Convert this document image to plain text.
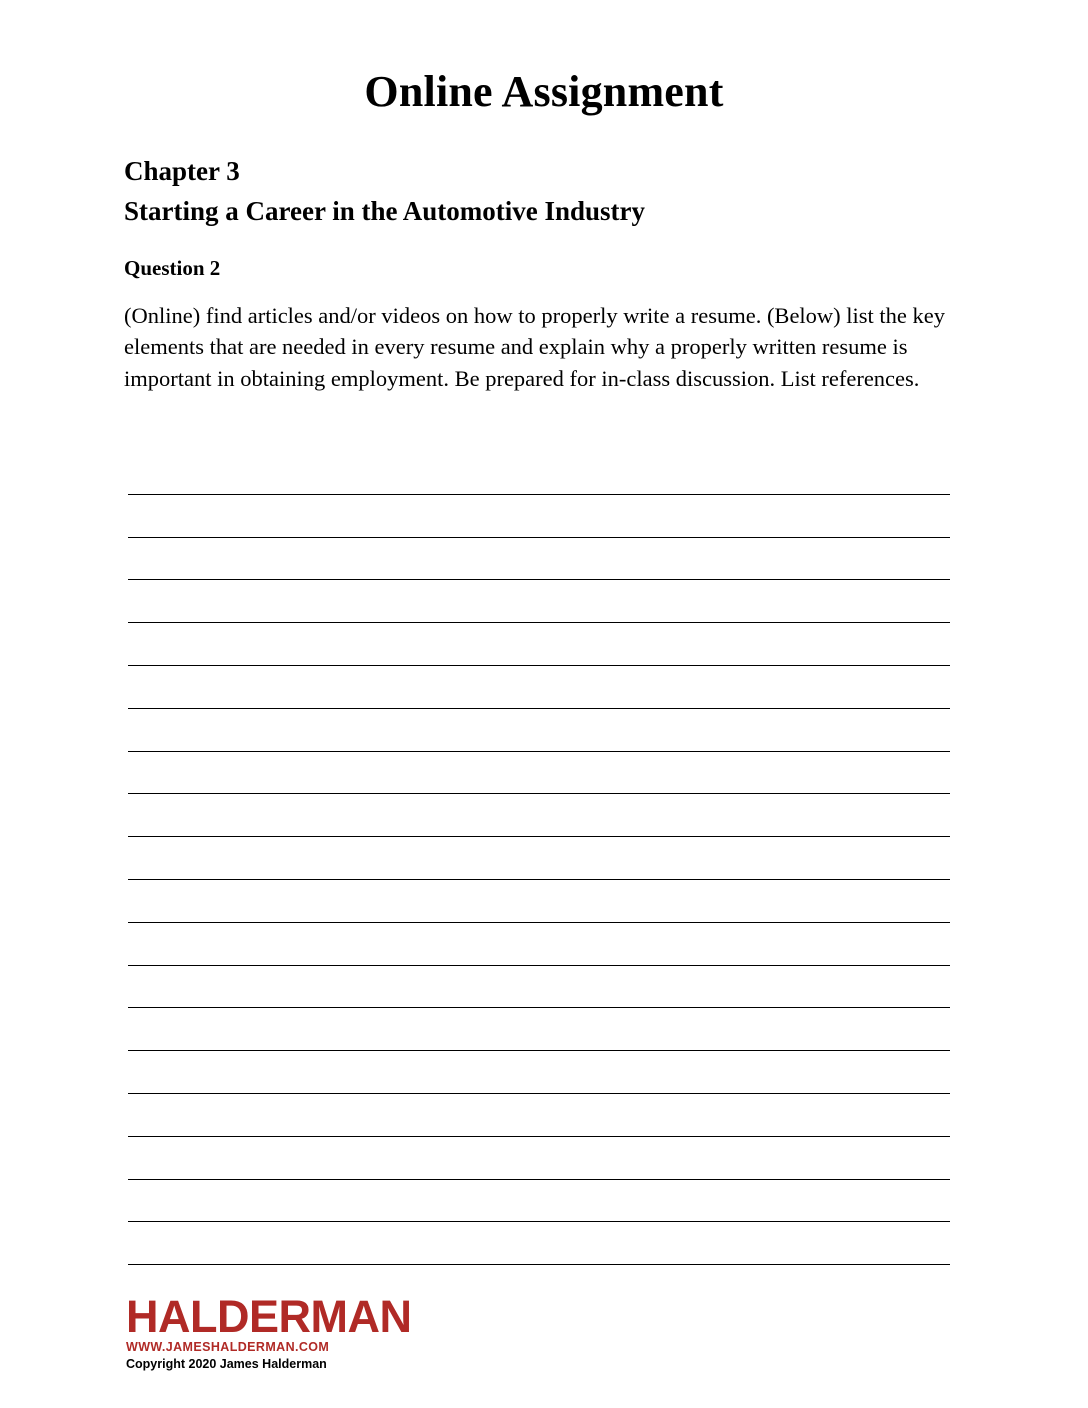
Online Assignment
Chapter 3
Starting a Career in the Automotive Industry
Question 2
(Online) find articles and/or videos on how to properly write a resume. (Below) list the key elements that are needed in every resume and explain why a properly written resume is important in obtaining employment. Be prepared for in-class discussion. List references.
HALDERMAN
WWW.JAMESHALDERMAN.COM
Copyright 2020 James Halderman
